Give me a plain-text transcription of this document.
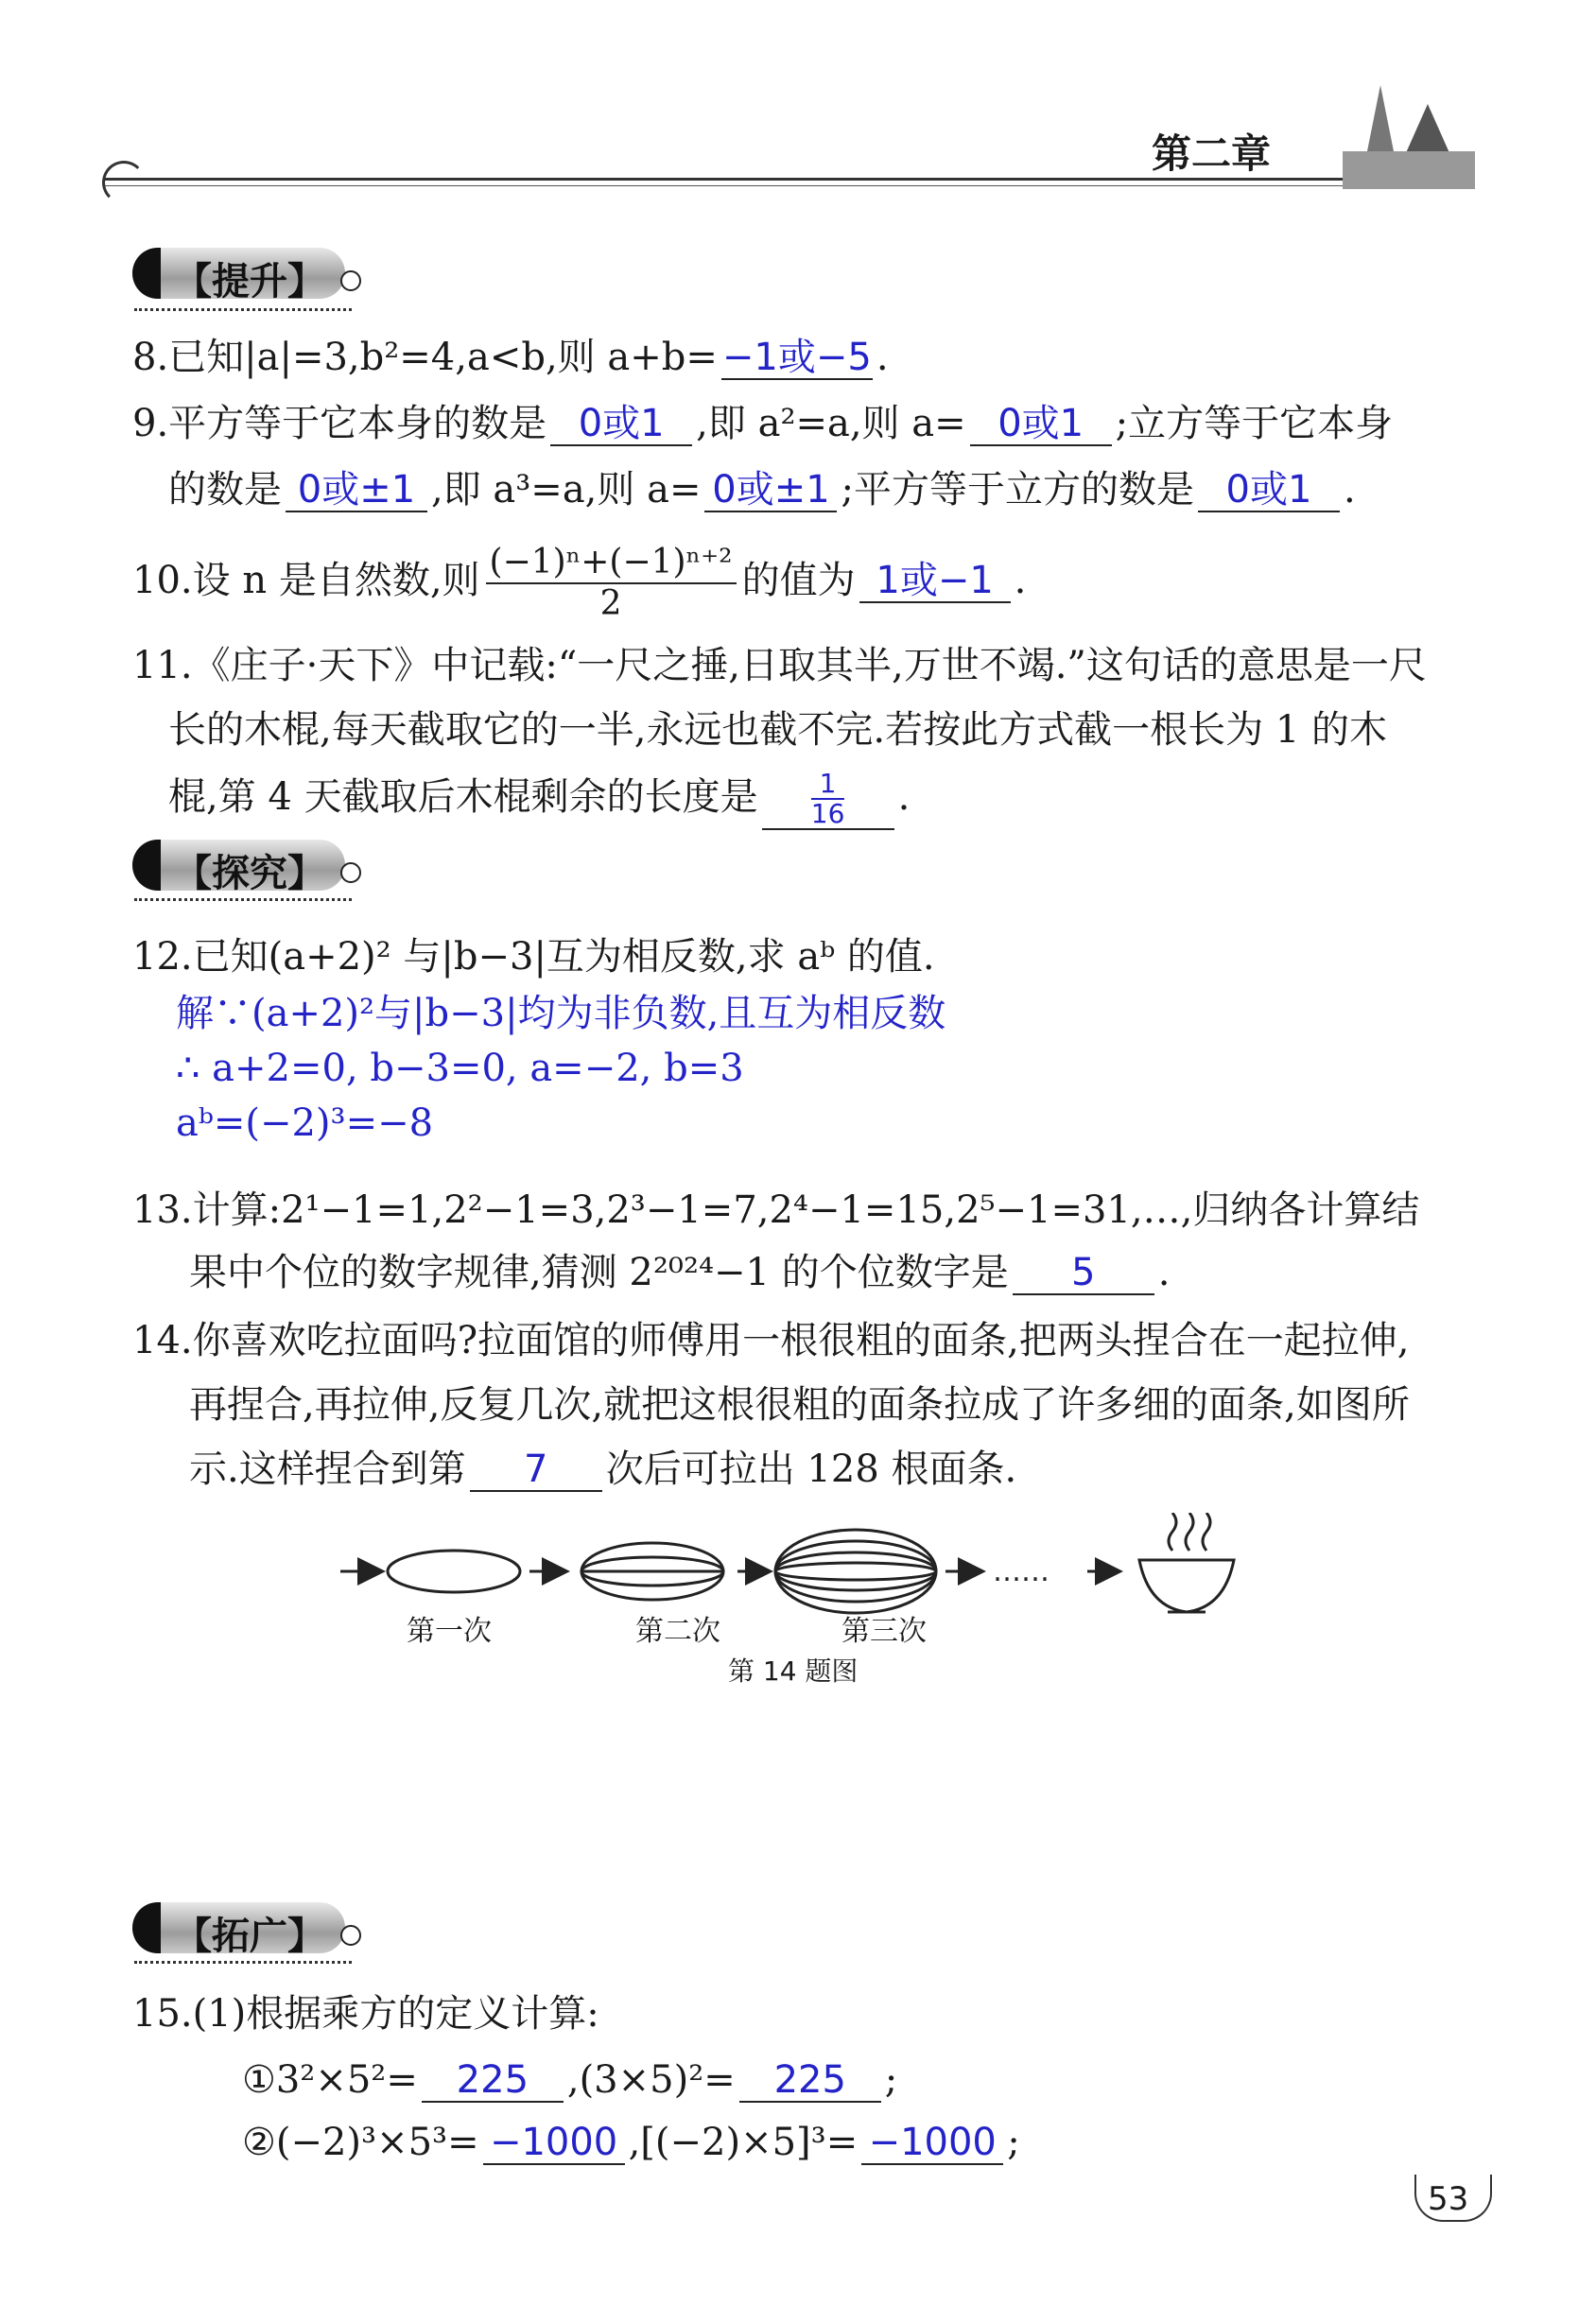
第二章
【提升】
8.已知|a|=3,b²=4,a<b,则 a+b= −1或−5 .
9.平方等于它本身的数是 0或1 ,即 a²=a,则 a= 0或1 ;立方等于它本身
的数是 0或±1 ,即 a³=a,则 a= 0或±1 ;平方等于立方的数是 0或1 .
10.设 n 是自然数,则 $\frac{\text{(−1)ⁿ+(−1)ⁿ⁺²}}{2}$ 的值为 1或−1 .
11.《庄子·天下》中记载:“一尺之捶,日取其半,万世不竭.”这句话的意思是一尺
长的木棍,每天截取它的一半,永远也截不完.若按此方式截一根长为 1 的木
棍,第 4 天截取后木棍剩余的长度是 $\frac{1}{16}$ .
【探究】
12.已知(a+2)² 与|b−3|互为相反数,求 aᵇ 的值.
解∵(a+2)²与|b−3|均为非负数,且互为相反数
∴ a+2=0, b−3=0, a=−2, b=3
aᵇ=(−2)³=−8
13.计算:2¹−1=1,2²−1=3,2³−1=7,2⁴−1=15,2⁵−1=31,…,归纳各计算结
果中个位的数字规律,猜测 2²⁰²⁴−1 的个位数字是 5 .
14.你喜欢吃拉面吗?拉面馆的师傅用一根很粗的面条,把两头捏合在一起拉伸,
再捏合,再拉伸,反复几次,就把这根很粗的面条拉成了许多细的面条,如图所
示.这样捏合到第 7 次后可拉出 128 根面条.
……
第一次	第二次	第三次
第 14 题图
【拓广】
15.(1)根据乘方的定义计算:
①3²×5²= 225 ,(3×5)²= 225 ;
②(−2)³×5³= −1000 ,[(−2)×5]³= −1000 ;
53
